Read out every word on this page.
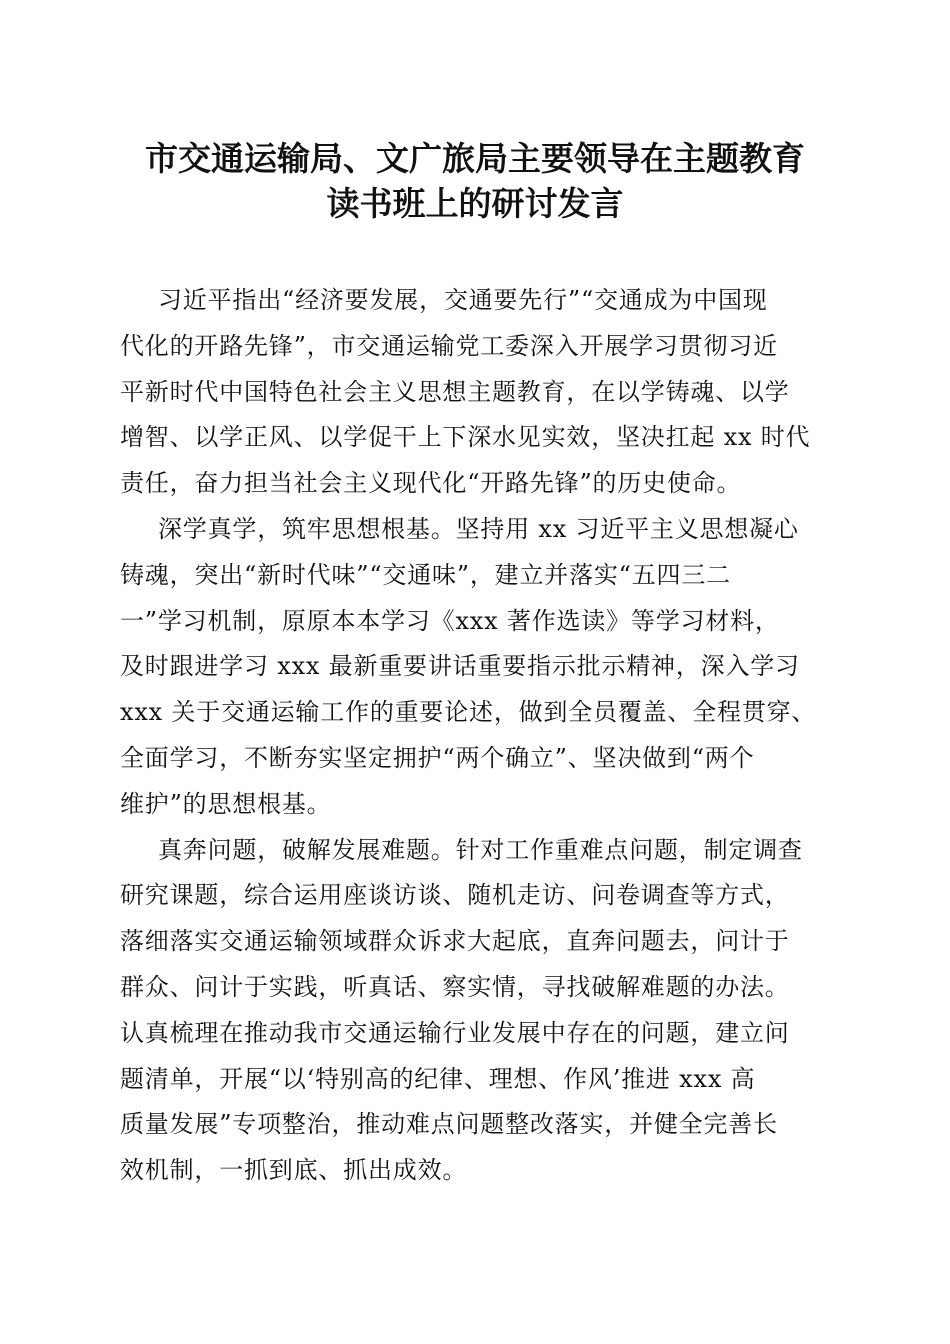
市交通运输局、文广旅局主要领导在主题教育
读书班上的研讨发言
习近平指出“经济要发展，交通要先行”“交通成为中国现
代化的开路先锋”，市交通运输党工委深入开展学习贯彻习近
平新时代中国特色社会主义思想主题教育，在以学铸魂、以学
增智、以学正风、以学促干上下深水见实效，坚决扛起 xx 时代
责任，奋力担当社会主义现代化“开路先锋”的历史使命。
深学真学，筑牢思想根基。坚持用 xx 习近平主义思想凝心
铸魂，突出“新时代味”“交通味”，建立并落实“五四三二
一”学习机制，原原本本学习《xxx 著作选读》等学习材料，
及时跟进学习 xxx 最新重要讲话重要指示批示精神，深入学习
xxx 关于交通运输工作的重要论述，做到全员覆盖、全程贯穿、
全面学习，不断夯实坚定拥护“两个确立”、坚决做到“两个
维护”的思想根基。
真奔问题，破解发展难题。针对工作重难点问题，制定调查
研究课题，综合运用座谈访谈、随机走访、问卷调查等方式，
落细落实交通运输领域群众诉求大起底，直奔问题去，问计于
群众、问计于实践，听真话、察实情，寻找破解难题的办法。
认真梳理在推动我市交通运输行业发展中存在的问题，建立问
题清单，开展“以‘特别高的纪律、理想、作风’推进 xxx 高
质量发展”专项整治，推动难点问题整改落实，并健全完善长
效机制，一抓到底、抓出成效。
